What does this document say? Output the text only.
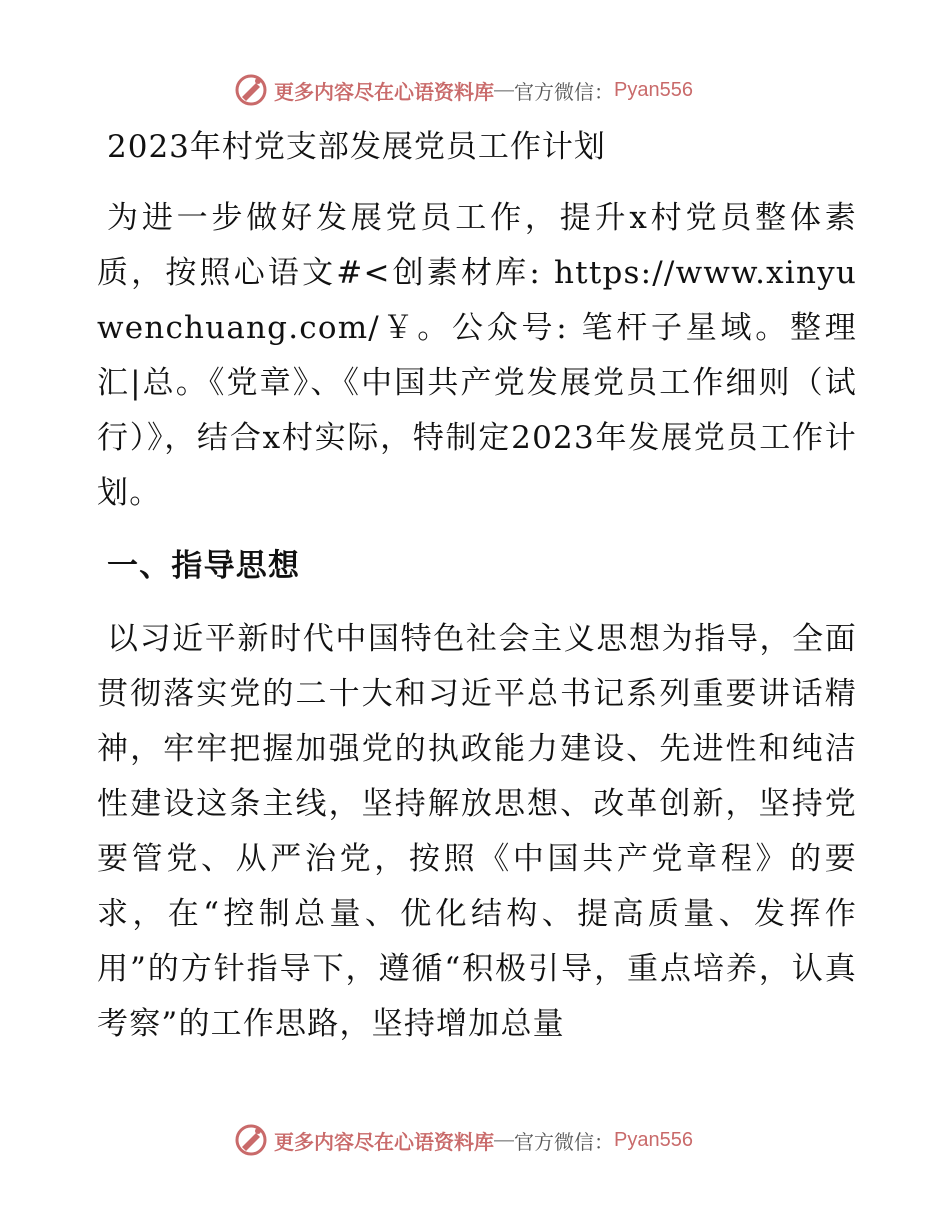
更多内容尽在心语资料库 — 官方微信： Pyan556
2023年村党支部发展党员工作计划

为进一步做好发展党员工作，提升x村党员整体素质，按照心语文#<创素材库: https://www.xinyuwenchuang.com/￥。公众号: 笔杆子星域。整理汇|总。《党章》、《中国共产党发展党员工作细则（试行）》，结合x村实际，特制定2023年发展党员工作计划。

一、指导思想

以习近平新时代中国特色社会主义思想为指导，全面贯彻落实党的二十大和习近平总书记系列重要讲话精神，牢牢把握加强党的执政能力建设、先进性和纯洁性建设这条主线，坚持解放思想、改革创新，坚持党要管党、从严治党，按照《中国共产党章程》的要求，在“控制总量、优化结构、提高质量、发挥作用”的方针指导下，遵循“积极引导，重点培养，认真考察”的工作思路，坚持增加总量

更多内容尽在心语资料库 — 官方微信： Pyan556
